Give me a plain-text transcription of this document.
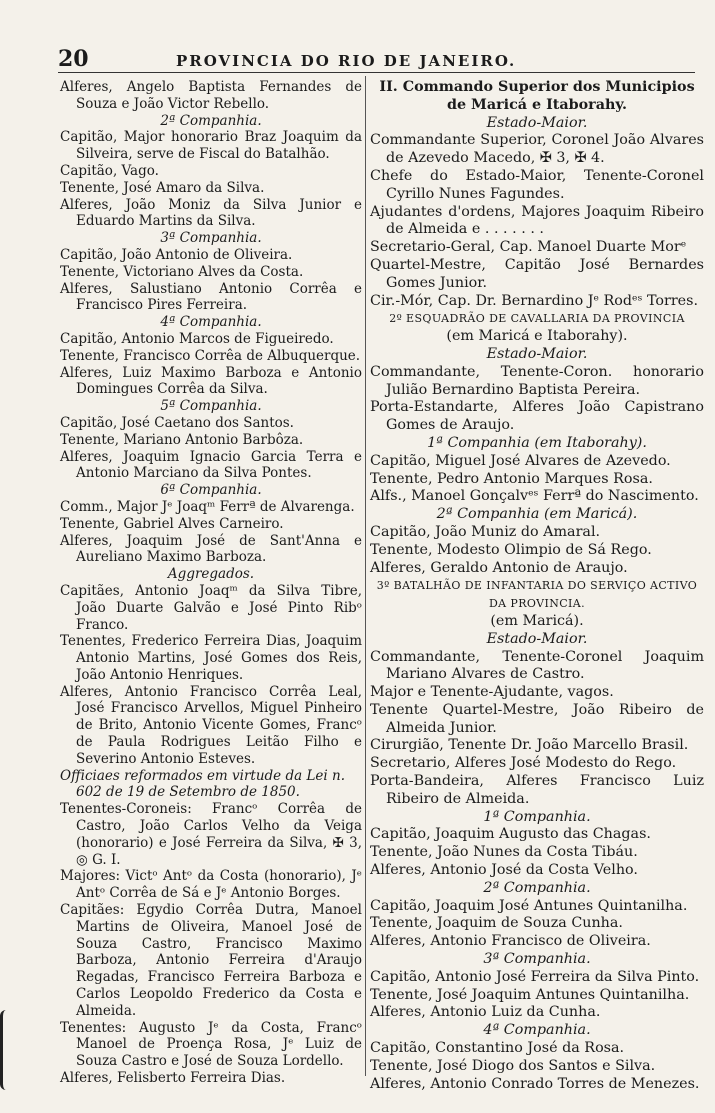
20	PROVINCIA DO RIO DE JANEIRO.
Alferes, Angelo Baptista Fernandes de Souza e João Victor Rebello.
2ª Companhia.
Capitão, Major honorario Braz Joaquim da Silveira, serve de Fiscal do Batalhão.
Capitão, Vago.
Tenente, José Amaro da Silva.
Alferes, João Moniz da Silva Junior e Eduardo Martins da Silva.
3ª Companhia.
Capitão, João Antonio de Oliveira.
Tenente, Victoriano Alves da Costa.
Alferes, Salustiano Antonio Corrêa e Francisco Pires Ferreira.
4ª Companhia.
Capitão, Antonio Marcos de Figueiredo.
Tenente, Francisco Corrêa de Albuquerque.
Alferes, Luiz Maximo Barboza e Antonio Domingues Corrêa da Silva.
5ª Companhia.
Capitão, José Caetano dos Santos.
Tenente, Mariano Antonio Barbôza.
Alferes, Joaquim Ignacio Garcia Terra e Antonio Marciano da Silva Pontes.
6ª Companhia.
Comm., Major Jᵉ Joaqᵐ Ferrª de Alvarenga.
Tenente, Gabriel Alves Carneiro.
Alferes, Joaquim José de Sant'Anna e Aureliano Maximo Barboza.
Aggregados.
Capitães, Antonio Joaqᵐ da Silva Tibre, João Duarte Galvão e José Pinto Ribᵒ Franco.
Tenentes, Frederico Ferreira Dias, Joaquim Antonio Martins, José Gomes dos Reis, João Antonio Henriques.
Alferes, Antonio Francisco Corrêa Leal, José Francisco Arvellos, Miguel Pinheiro de Brito, Antonio Vicente Gomes, Francᵒ de Paula Rodrigues Leitão Filho e Severino Antonio Esteves.
Officiaes reformados em virtude da Lei n. 602 de 19 de Setembro de 1850.
Tenentes-Coroneis: Francᵒ Corrêa de Castro, João Carlos Velho da Veiga (honorario) e José Ferreira da Silva, ✠ 3, ◎ G. I.
Majores: Victᵒ Antᵒ da Costa (honorario), Jᵉ Antᵒ Corrêa de Sá e Jᵉ Antonio Borges.
Capitães: Egydio Corrêa Dutra, Manoel Martins de Oliveira, Manoel José de Souza Castro, Francisco Maximo Barboza, Antonio Ferreira d'Araujo Regadas, Francisco Ferreira Barboza e Carlos Leopoldo Frederico da Costa e Almeida.
Tenentes: Augusto Jᵉ da Costa, Francᵒ Manoel de Proença Rosa, Jᵉ Luiz de Souza Castro e José de Souza Lordello.
Alferes, Felisberto Ferreira Dias.
II. Commando Superior dos Municipios de Maricá e Itaborahy.
Estado-Maior.
Commandante Superior, Coronel João Alvares de Azevedo Macedo, ✠ 3, ✠ 4.
Chefe do Estado-Maior, Tenente-Coronel Cyrillo Nunes Fagundes.
Ajudantes d'ordens, Majores Joaquim Ribeiro de Almeida e . . . . . . .
Secretario-Geral, Cap. Manoel Duarte Morᵉ
Quartel-Mestre, Capitão José Bernardes Gomes Junior.
Cir.-Mór, Cap. Dr. Bernardino Jᵉ Rodᵉˢ Torres.
2º ESQUADRÃO DE CAVALLARIA DA PROVINCIA
(em Maricá e Itaborahy).
Estado-Maior.
Commandante, Tenente-Coron. honorario Julião Bernardino Baptista Pereira.
Porta-Estandarte, Alferes João Capistrano Gomes de Araujo.
1ª Companhia (em Itaborahy).
Capitão, Miguel José Alvares de Azevedo.
Tenente, Pedro Antonio Marques Rosa.
Alfs., Manoel Gonçalvᵉˢ Ferrª do Nascimento.
2ª Companhia (em Maricá).
Capitão, João Muniz do Amaral.
Tenente, Modesto Olimpio de Sá Rego.
Alferes, Geraldo Antonio de Araujo.
3º BATALHÃO DE INFANTARIA DO SERVIÇO ACTIVO DA PROVINCIA.
(em Maricá).
Estado-Maior.
Commandante, Tenente-Coronel Joaquim Mariano Alvares de Castro.
Major e Tenente-Ajudante, vagos.
Tenente Quartel-Mestre, João Ribeiro de Almeida Junior.
Cirurgião, Tenente Dr. João Marcello Brasil.
Secretario, Alferes José Modesto do Rego.
Porta-Bandeira, Alferes Francisco Luiz Ribeiro de Almeida.
1ª Companhia.
Capitão, Joaquim Augusto das Chagas.
Tenente, João Nunes da Costa Tibáu.
Alferes, Antonio José da Costa Velho.
2ª Companhia.
Capitão, Joaquim José Antunes Quintanilha.
Tenente, Joaquim de Souza Cunha.
Alferes, Antonio Francisco de Oliveira.
3ª Companhia.
Capitão, Antonio José Ferreira da Silva Pinto.
Tenente, José Joaquim Antunes Quintanilha.
Alferes, Antonio Luiz da Cunha.
4ª Companhia.
Capitão, Constantino José da Rosa.
Tenente, José Diogo dos Santos e Silva.
Alferes, Antonio Conrado Torres de Menezes.
